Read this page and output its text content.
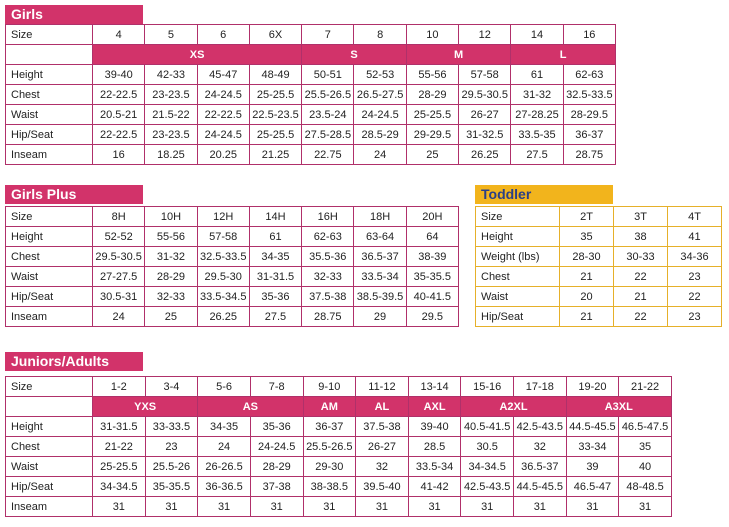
Girls
Size	4	5	6	6X	7	8	10	12	14	16
	XS				S		M		L	
Height	39-40	42-33	45-47	48-49	50-51	52-53	55-56	57-58	61	62-63
Chest	22-22.5	23-23.5	24-24.5	25-25.5	25.5-26.5	26.5-27.5	28-29	29.5-30.5	31-32	32.5-33.5
Waist	20.5-21	21.5-22	22-22.5	22.5-23.5	23.5-24	24-24.5	25-25.5	26-27	27-28.25	28-29.5
Hip/Seat	22-22.5	23-23.5	24-24.5	25-25.5	27.5-28.5	28.5-29	29-29.5	31-32.5	33.5-35	36-37
Inseam	16	18.25	20.25	21.25	22.75	24	25	26.25	27.5	28.75
Girls Plus
Size	8H	10H	12H	14H	16H	18H	20H
Height	52-52	55-56	57-58	61	62-63	63-64	64
Chest	29.5-30.5	31-32	32.5-33.5	34-35	35.5-36	36.5-37	38-39
Waist	27-27.5	28-29	29.5-30	31-31.5	32-33	33.5-34	35-35.5
Hip/Seat	30.5-31	32-33	33.5-34.5	35-36	37.5-38	38.5-39.5	40-41.5
Inseam	24	25	26.25	27.5	28.75	29	29.5
Toddler
Size	2T	3T	4T
Height	35	38	41
Weight (lbs)	28-30	30-33	34-36
Chest	21	22	23
Waist	20	21	22
Hip/Seat	21	22	23
Juniors/Adults
Size	1-2	3-4	5-6	7-8	9-10	11-12	13-14	15-16	17-18	19-20	21-22
	YXS		AS		AM	AL	AXL	A2XL		A3XL	
Height	31-31.5	33-33.5	34-35	35-36	36-37	37.5-38	39-40	40.5-41.5	42.5-43.5	44.5-45.5	46.5-47.5
Chest	21-22	23	24	24-24.5	25.5-26.5	26-27	28.5	30.5	32	33-34	35
Waist	25-25.5	25.5-26	26-26.5	28-29	29-30	32	33.5-34	34-34.5	36.5-37	39	40
Hip/Seat	34-34.5	35-35.5	36-36.5	37-38	38-38.5	39.5-40	41-42	42.5-43.5	44.5-45.5	46.5-47	48-48.5
Inseam	31	31	31	31	31	31	31	31	31	31	31
